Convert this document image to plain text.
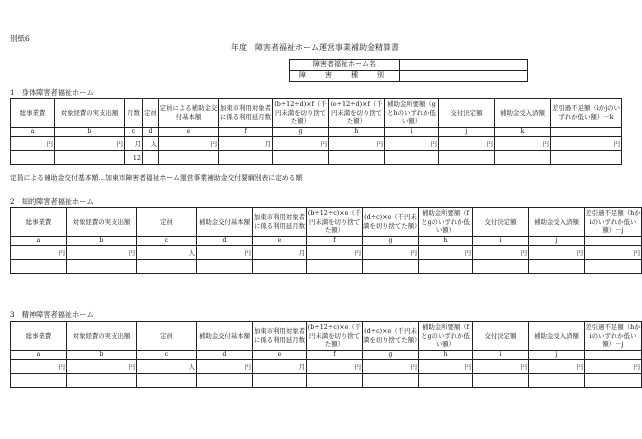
別紙6
年度　障害者福祉ホーム運営事業補助金精算書
障害者福祉ホーム名	
障　害　種　別	
1　身体障害者福祉ホーム
総事業費	対象経費の実支出額	月数	定員	定員による補助金交付基本額	加東市利用対象者に係る利用延月数	(b÷12÷d)×f（千円未満を切り捨てた額）	(e÷12÷d)×f（千円未満を切り捨てた額）	補助金所要額（gとhのいずれか低い額）	交付決定額	補助金受入済額	差引過不足額（iかjのいずれか低い額）－k

a	b	c	d	e	f	g	h	i	j	k	
円	円	月	人	円	月	円	円	円	円	円	円
		12									
定員による補助金交付基本額…加東市障害者福祉ホーム運営事業補助金交付要綱別表に定める額
2　知的障害者福祉ホーム
総事業費	対象経費の実支出額	定員	補助金交付基本額	加東市利用対象者に係る利用延月数	(b÷12÷c)×e（千円未満を切り捨てた額）	(d÷c)×e（千円未満を切り捨てた額）	補助金所要額（fとgのいずれか低い額）	交付決定額	補助金受入済額	差引過不足額（hかiのいずれか低い額）－j

a	b	c	d	e	f	g	h	i	j	
円	円	人	円	月	円	円	円	円	円	円

3　精神障害者福祉ホーム
総事業費	対象経費の実支出額	定員	補助金交付基本額	加東市利用対象者に係る利用延月数	(b÷12÷c)×e（千円未満を切り捨てた額）	(d÷c)×e（千円未満を切り捨てた額）	補助金所要額（fとgのいずれか低い額）	交付決定額	補助金受入済額	差引過不足額（hかiのいずれか低い額）－j

a	b	c	d	e	f	g	h	i	j	
円	円	人	円	月	円	円	円	円	円	円
